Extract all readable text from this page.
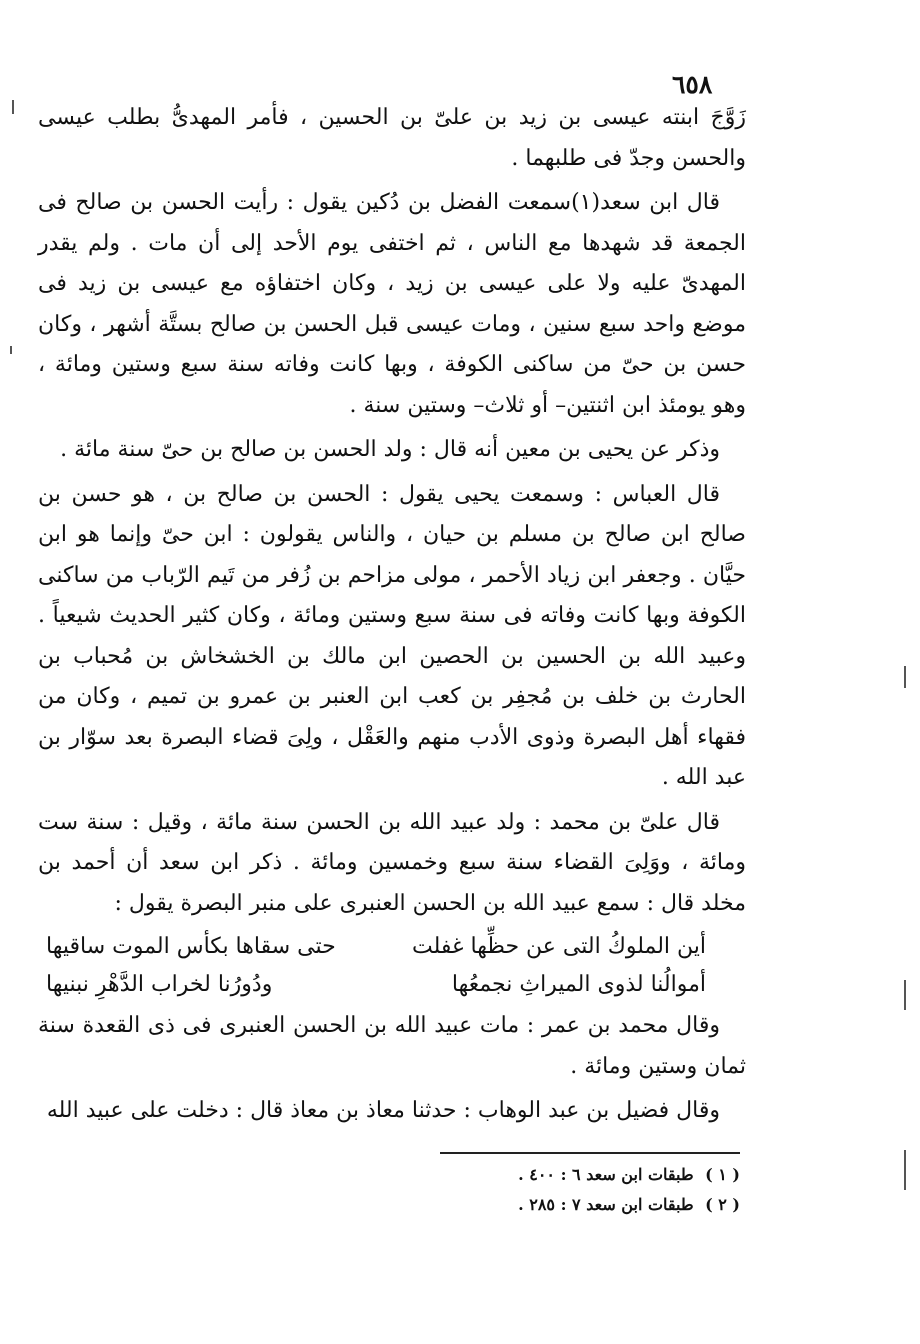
٦٥٨

زَوَّجَ ابنته عيسى بن زيد بن علىّ بن الحسين ، فأمر المهدىُّ بطلب عيسى والحسن وجدّ فى طلبهما .

قال ابن سعد(١)سمعت الفضل بن دُكين يقول : رأيت الحسن بن صالح فى الجمعة قد شهدها مع الناس ، ثم اختفى يوم الأحد إلى أن مات . ولم يقدر المهدىّ عليه ولا على عيسى بن زيد ، وكان اختفاؤه مع عيسى بن زيد فى موضع واحد سبع سنين ، ومات عيسى قبل الحسن بن صالح بستَّة أشهر ، وكان حسن بن حىّ من ساكنى الكوفة ، وبها كانت وفاته سنة سبع وستين ومائة ، وهو يومئذ ابن اثنتين– أو ثلاث– وستين سنة .

وذكر عن يحيى بن معين أنه قال : ولد الحسن بن صالح بن حىّ سنة مائة .

قال العباس : وسمعت يحيى يقول : الحسن بن صالح بن ، هو حسن بن صالح ابن صالح بن مسلم بن حيان ، والناس يقولون : ابن حىّ وإنما هو ابن حيَّان . وجعفر ابن زياد الأحمر ، مولى مزاحم بن زُفر من تَيم الرّباب من ساكنى الكوفة وبها كانت وفاته فى سنة سبع وستين ومائة ، وكان كثير الحديث شيعياً . وعبيد الله بن الحسين بن الحصين ابن مالك بن الخشخاش بن مُحباب بن الحارث بن خلف بن مُجفِر بن كعب ابن العنبر بن عمرو بن تميم ، وكان من فقهاء أهل البصرة وذوى الأدب منهم والعَقْل ، ولِىَ قضاء البصرة بعد سوّار بن عبد الله .

قال علىّ بن محمد : ولد عبيد الله بن الحسن سنة مائة ، وقيل : سنة ست ومائة ، ووَلِىَ القضاء سنة سبع وخمسين ومائة . ذكر ابن سعد أن أحمد بن مخلد قال : سمع عبيد الله بن الحسن العنبرى على منبر البصرة يقول :

أين الملوكُ التى عن حظِّها غفلت
حتى سقاها بكأس الموت ساقيها
أموالُنا لذوى الميراثِ نجمعُها
ودُورُنا لخراب الدَّهْرِ نبنيها

وقال محمد بن عمر : مات عبيد الله بن الحسن العنبرى فى ذى القعدة سنة ثمان وستين ومائة .

وقال فضيل بن عبد الوهاب : حدثنا معاذ بن معاذ قال : دخلت على عبيد الله

( ١ ) طبقات ابن سعد ٦ : ٤٠٠ .

( ٢ ) طبقات ابن سعد ٧ : ٢٨٥ .
